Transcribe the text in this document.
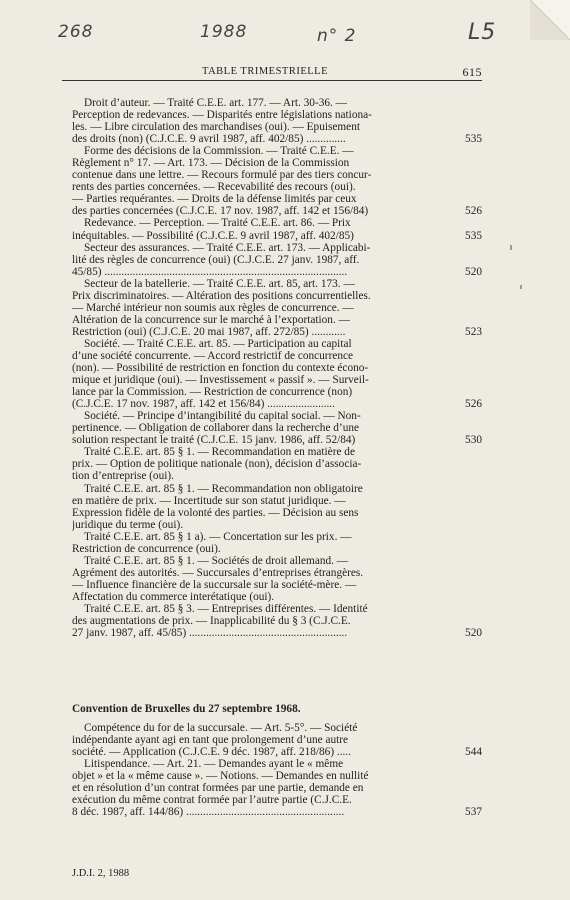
268	1988	n° 2	L5
TABLE TRIMESTRIELLE	615
Droit d’auteur. — Traité C.E.E. art. 177. — Art. 30-36. —
Perception de redevances. — Disparités entre législations nationa-
les. — Libre circulation des marchandises (oui). — Epuisement
des droits (non) (C.J.C.E. 9 avril 1987, aff. 402/85) ..............	535
Forme des décisions de la Commission. — Traité C.E.E. —
Règlement n° 17. — Art. 173. — Décision de la Commission
contenue dans une lettre. — Recours formulé par des tiers concur-
rents des parties concernées. — Recevabilité des recours (oui).
— Parties requérantes. — Droits de la défense limités par ceux
des parties concernées (C.J.C.E. 17 nov. 1987, aff. 142 et 156/84)	526
Redevance. — Perception. — Traité C.E.E. art. 86. — Prix
inéquitables. — Possibilité (C.J.C.E. 9 avril 1987, aff. 402/85)	535
Secteur des assurances. — Traité C.E.E. art. 173. — Applicabi-
lité des règles de concurrence (oui) (C.J.C.E. 27 janv. 1987, aff.
45/85) ......................................................................................	520
Secteur de la batellerie. — Traité C.E.E. art. 85, art. 173. —
Prix discriminatoires. — Altération des positions concurrentielles.
— Marché intérieur non soumis aux règles de concurrence. —
Altération de la concurrence sur le marché à l’exportation. —
Restriction (oui) (C.J.C.E. 20 mai 1987, aff. 272/85) ............	523
Société. — Traité C.E.E. art. 85. — Participation au capital
d’une société concurrente. — Accord restrictif de concurrence
(non). — Possibilité de restriction en fonction du contexte écono-
mique et juridique (oui). — Investissement « passif ». — Surveil-
lance par la Commission. — Restriction de concurrence (non)
(C.J.C.E. 17 nov. 1987, aff. 142 et 156/84) ........................	526
Société. — Principe d’intangibilité du capital social. — Non-
pertinence. — Obligation de collaborer dans la recherche d’une
solution respectant le traité (C.J.C.E. 15 janv. 1986, aff. 52/84)	530
Traité C.E.E. art. 85 § 1. — Recommandation en matière de
prix. — Option de politique nationale (non), décision d’associa-
tion d’entreprise (oui).
Traité C.E.E. art. 85 § 1. — Recommandation non obligatoire
en matière de prix. — Incertitude sur son statut juridique. —
Expression fidèle de la volonté des parties. — Décision au sens
juridique du terme (oui).
Traité C.E.E. art. 85 § 1 a). — Concertation sur les prix. —
Restriction de concurrence (oui).
Traité C.E.E. art. 85 § 1. — Sociétés de droit allemand. —
Agrément des autorités. — Succursales d’entreprises étrangères.
— Influence financière de la succursale sur la société-mère. —
Affectation du commerce interétatique (oui).
Traité C.E.E. art. 85 § 3. — Entreprises différentes. — Identité
des augmentations de prix. — Inapplicabilité du § 3 (C.J.C.E.
27 janv. 1987, aff. 45/85) ........................................................	520
Convention de Bruxelles du 27 septembre 1968.
Compétence du for de la succursale. — Art. 5-5°. — Société
indépendante ayant agi en tant que prolongement d’une autre
société. — Application (C.J.C.E. 9 déc. 1987, aff. 218/86) .....	544
Litispendance. — Art. 21. — Demandes ayant le « même
objet » et la « même cause ». — Notions. — Demandes en nullité
et en résolution d’un contrat formées par une partie, demande en
exécution du même contrat formée par l’autre partie (C.J.C.E.
8 déc. 1987, aff. 144/86) ........................................................	537
J.D.I. 2, 1988
